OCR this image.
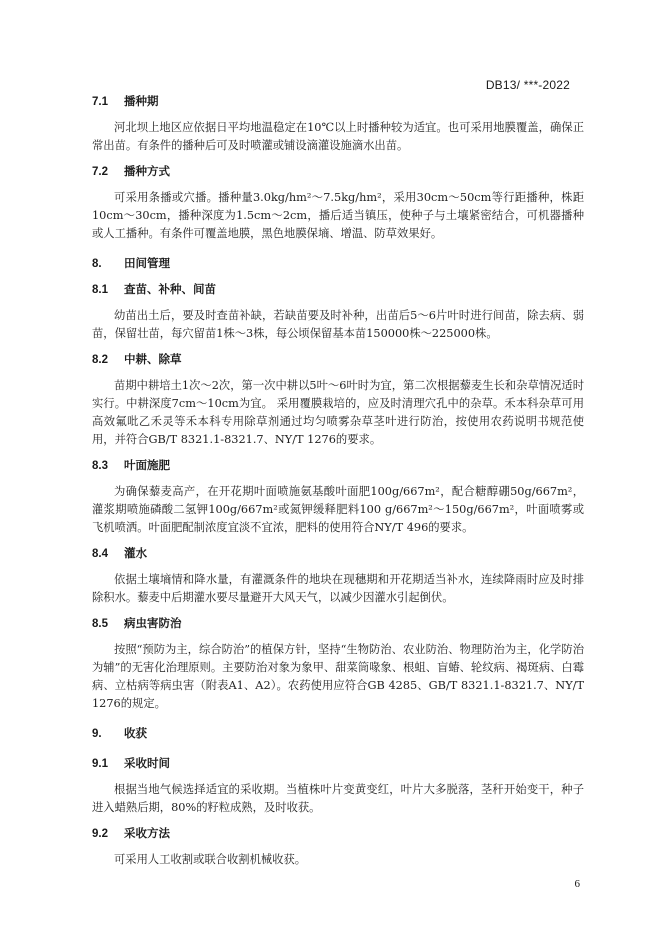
DB13/ ***-2022
7.1	播种期

河北坝上地区应依据日平均地温稳定在10℃以上时播种较为适宜。也可采用地膜覆盖，确保正常出苗。有条件的播种后可及时喷灌或铺设滴灌设施滴水出苗。

7.2	播种方式

可采用条播或穴播。播种量3.0kg/hm²～7.5kg/hm²，采用30cm～50cm等行距播种，株距10cm～30cm，播种深度为1.5cm～2cm，播后适当镇压，使种子与土壤紧密结合，可机器播种或人工播种。有条件可覆盖地膜，黑色地膜保墒、增温、防草效果好。

8.	田间管理
8.1	查苗、补种、间苗

幼苗出土后，要及时查苗补缺，若缺苗要及时补种，出苗后5～6片叶时进行间苗，除去病、弱苗，保留壮苗，每穴留苗1株～3株，每公顷保留基本苗150000株～225000株。

8.2	中耕、除草

苗期中耕培土1次～2次，第一次中耕以5叶～6叶时为宜，第二次根据藜麦生长和杂草情况适时实行。中耕深度7cm～10cm为宜。 采用覆膜栽培的，应及时清理穴孔中的杂草。禾本科杂草可用高效氟吡乙禾灵等禾本科专用除草剂通过均匀喷雾杂草茎叶进行防治，按使用农药说明书规范使用，并符合GB/T 8321.1-8321.7、NY/T 1276的要求。

8.3	叶面施肥

为确保藜麦高产，在开花期叶面喷施氨基酸叶面肥100g/667m²，配合糖醇硼50g/667m²，灌浆期喷施磷酸二氢钾100g/667m²或氮钾缓释肥料100 g/667m²～150g/667m²，叶面喷雾或飞机喷洒。叶面肥配制浓度宜淡不宜浓，肥料的使用符合NY/T 496的要求。

8.4	灌水

依据土壤墒情和降水量，有灌溉条件的地块在现穗期和开花期适当补水，连续降雨时应及时排除积水。藜麦中后期灌水要尽量避开大风天气，以减少因灌水引起倒伏。

8.5	病虫害防治

按照“预防为主，综合防治”的植保方针，坚持“生物防治、农业防治、物理防治为主，化学防治为辅”的无害化治理原则。主要防治对象为象甲、甜菜筒喙象、根蛆、盲蝽、轮纹病、褐斑病、白霉病、立枯病等病虫害（附表A1、A2）。农药使用应符合GB 4285、GB/T 8321.1-8321.7、NY/T 1276的规定。

9.	收获
9.1	采收时间

根据当地气候选择适宜的采收期。当植株叶片变黄变红，叶片大多脱落，茎秆开始变干，种子进入蜡熟后期，80%的籽粒成熟，及时收获。

9.2	采收方法

可采用人工收割或联合收割机械收获。

6
